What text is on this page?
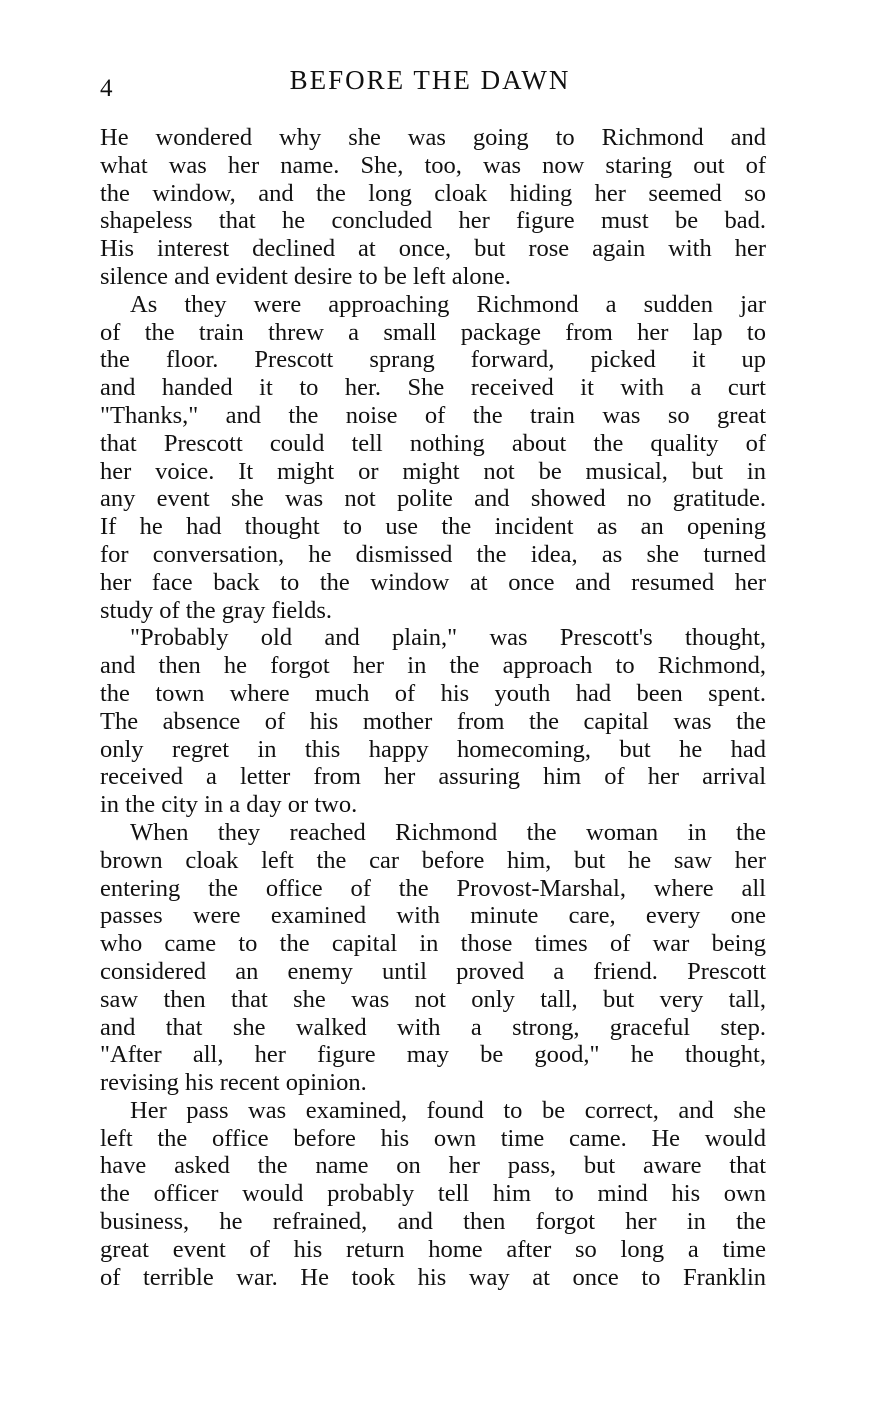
4	BEFORE THE DAWN
He wondered why she was going to Richmond and
what was her name. She, too, was now staring out of
the window, and the long cloak hiding her seemed so
shapeless that he concluded her figure must be bad.
His interest declined at once, but rose again with her
silence and evident desire to be left alone.
As they were approaching Richmond a sudden jar
of the train threw a small package from her lap to
the floor. Prescott sprang forward, picked it up
and handed it to her. She received it with a curt
"Thanks," and the noise of the train was so great
that Prescott could tell nothing about the quality of
her voice. It might or might not be musical, but in
any event she was not polite and showed no gratitude.
If he had thought to use the incident as an opening
for conversation, he dismissed the idea, as she turned
her face back to the window at once and resumed her
study of the gray fields.
"Probably old and plain," was Prescott's thought,
and then he forgot her in the approach to Richmond,
the town where much of his youth had been spent.
The absence of his mother from the capital was the
only regret in this happy homecoming, but he had
received a letter from her assuring him of her arrival
in the city in a day or two.
When they reached Richmond the woman in the
brown cloak left the car before him, but he saw her
entering the office of the Provost-Marshal, where all
passes were examined with minute care, every one
who came to the capital in those times of war being
considered an enemy until proved a friend. Prescott
saw then that she was not only tall, but very tall,
and that she walked with a strong, graceful step.
"After all, her figure may be good," he thought,
revising his recent opinion.
Her pass was examined, found to be correct, and she
left the office before his own time came. He would
have asked the name on her pass, but aware that
the officer would probably tell him to mind his own
business, he refrained, and then forgot her in the
great event of his return home after so long a time
of terrible war. He took his way at once to Franklin
